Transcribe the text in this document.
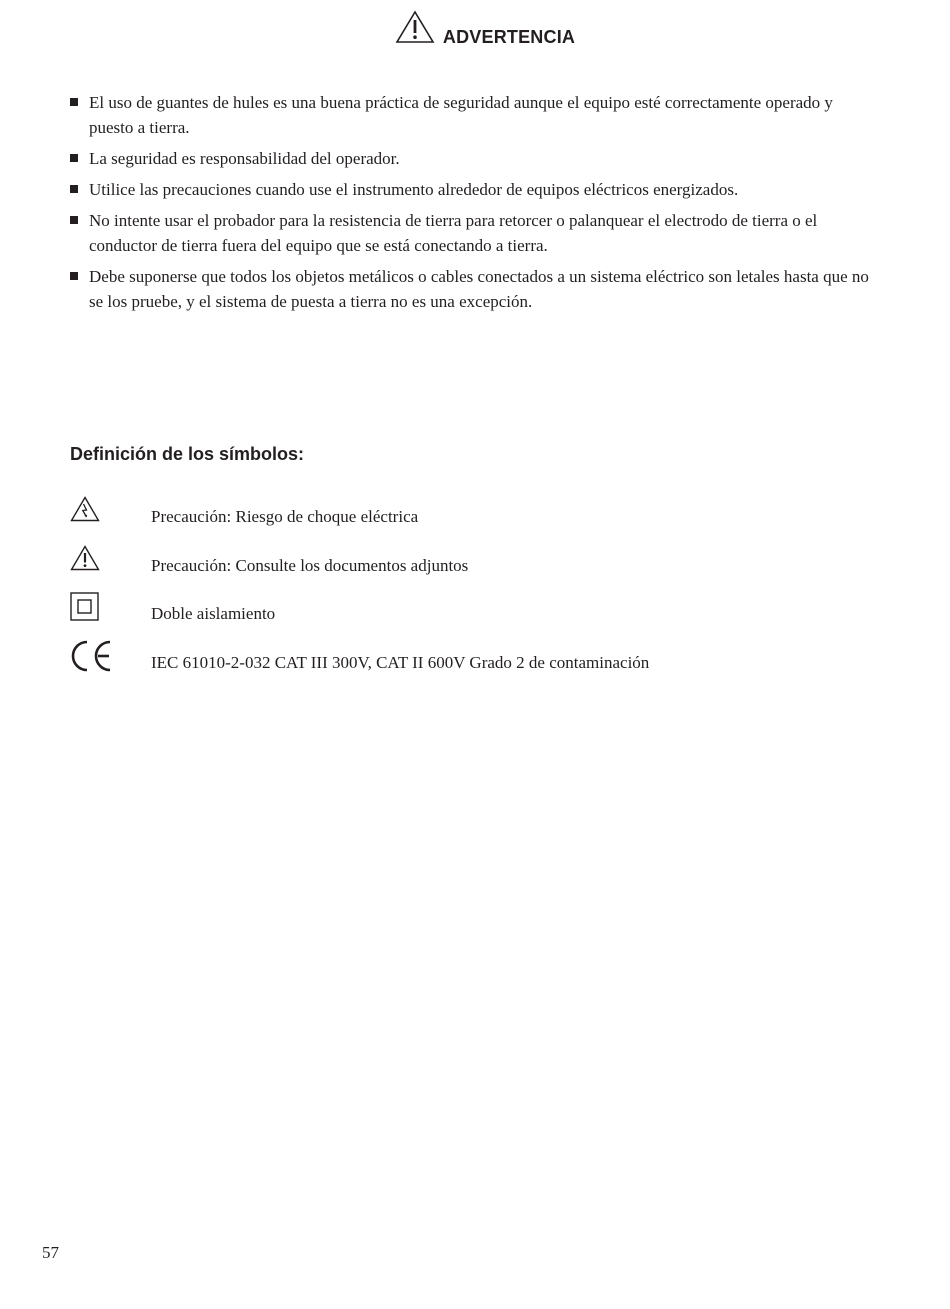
ADVERTENCIA
El uso de guantes de hules es una buena práctica de seguridad aunque el equipo esté correctamente operado y puesto a tierra.
La seguridad es responsabilidad del operador.
Utilice las precauciones cuando use el instrumento alrededor de equipos eléctricos energizados.
No intente usar el probador para la resistencia de tierra para retorcer o palanquear el electrodo de tierra o el conductor de tierra fuera del equipo que se está conectando a tierra.
Debe suponerse que todos los objetos metálicos o cables conectados a un sistema eléctrico son letales hasta que no se los pruebe, y el sistema de puesta a tierra no es una excepción.
Definición de los símbolos:
Precaución: Riesgo de choque eléctrica
Precaución: Consulte los documentos adjuntos
Doble aislamiento
IEC 61010-2-032 CAT III 300V, CAT II 600V Grado 2 de contaminación
57
